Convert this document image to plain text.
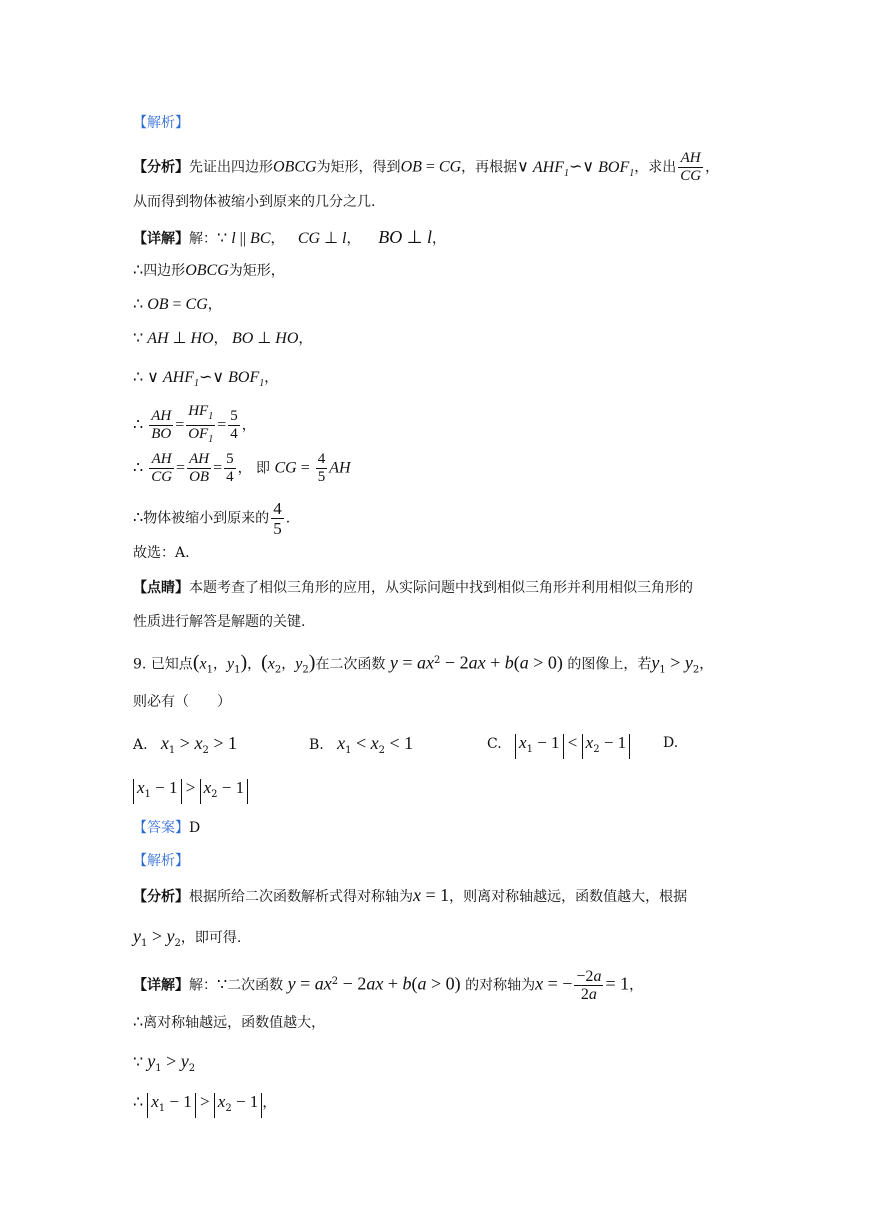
【解析】
【分析】先证出四边形OBCG为矩形，得到OB = CG，再根据∨ $AHF_1∽\vee$ $BOF_1$，求出 $\frac{AH}{CG}$ ，
从而得到物体被缩小到原来的几分之几.
【详解】解：∵ l || BC，   CG ⊥ l，    BO ⊥ l，
∴四边形OBCG为矩形，
∴ OB = CG，
∵ AH ⊥ HO， BO ⊥ HO，
∴ ∨ $AHF_1∽\vee$ $BOF_1$，
∴ $\frac{AH}{BO} = \frac{HF_1}{OF_1} = \frac{5}{4}$ ，
∴ $\frac{AH}{CG} = \frac{AH}{OB} = \frac{5}{4}$ ， 即 CG = $\frac{4}{5}$ AH
∴物体被缩小到原来的 $\frac{4}{5}$ .
故选：A.
【点睛】本题考查了相似三角形的应用，从实际问题中找到相似三角形并利用相似三角形的
性质进行解答是解题的关键.
9. 已知点($x_1$，$y_1$)，($x_2$，$y_2$)在二次函数 $y = ax^2 - 2ax + b(a > 0)$ 的图像上，若$y_1 > y_2$，
则必有（　　）
A. $x_1 > x_2 > 1$	B. $x_1 < x_2 < 1$	C. $x_1 - 1 < x_2 - 1$	D.
$x_1 - 1 > x_2 - 1$
【答案】D
【解析】
【分析】根据所给二次函数解析式得对称轴为x = 1，则离对称轴越远，函数值越大，根据
$y_1 > y_2$，即可得.
【详解】解：∵二次函数 $y = ax^2 - 2ax + b(a > 0)$ 的对称轴为x = − $\frac{-2a}{2a} = 1$，
∴离对称轴越远，函数值越大，
∵ $y_1 > y_2$
∴ $x_1 - 1 > x_2 - 1$ ，
